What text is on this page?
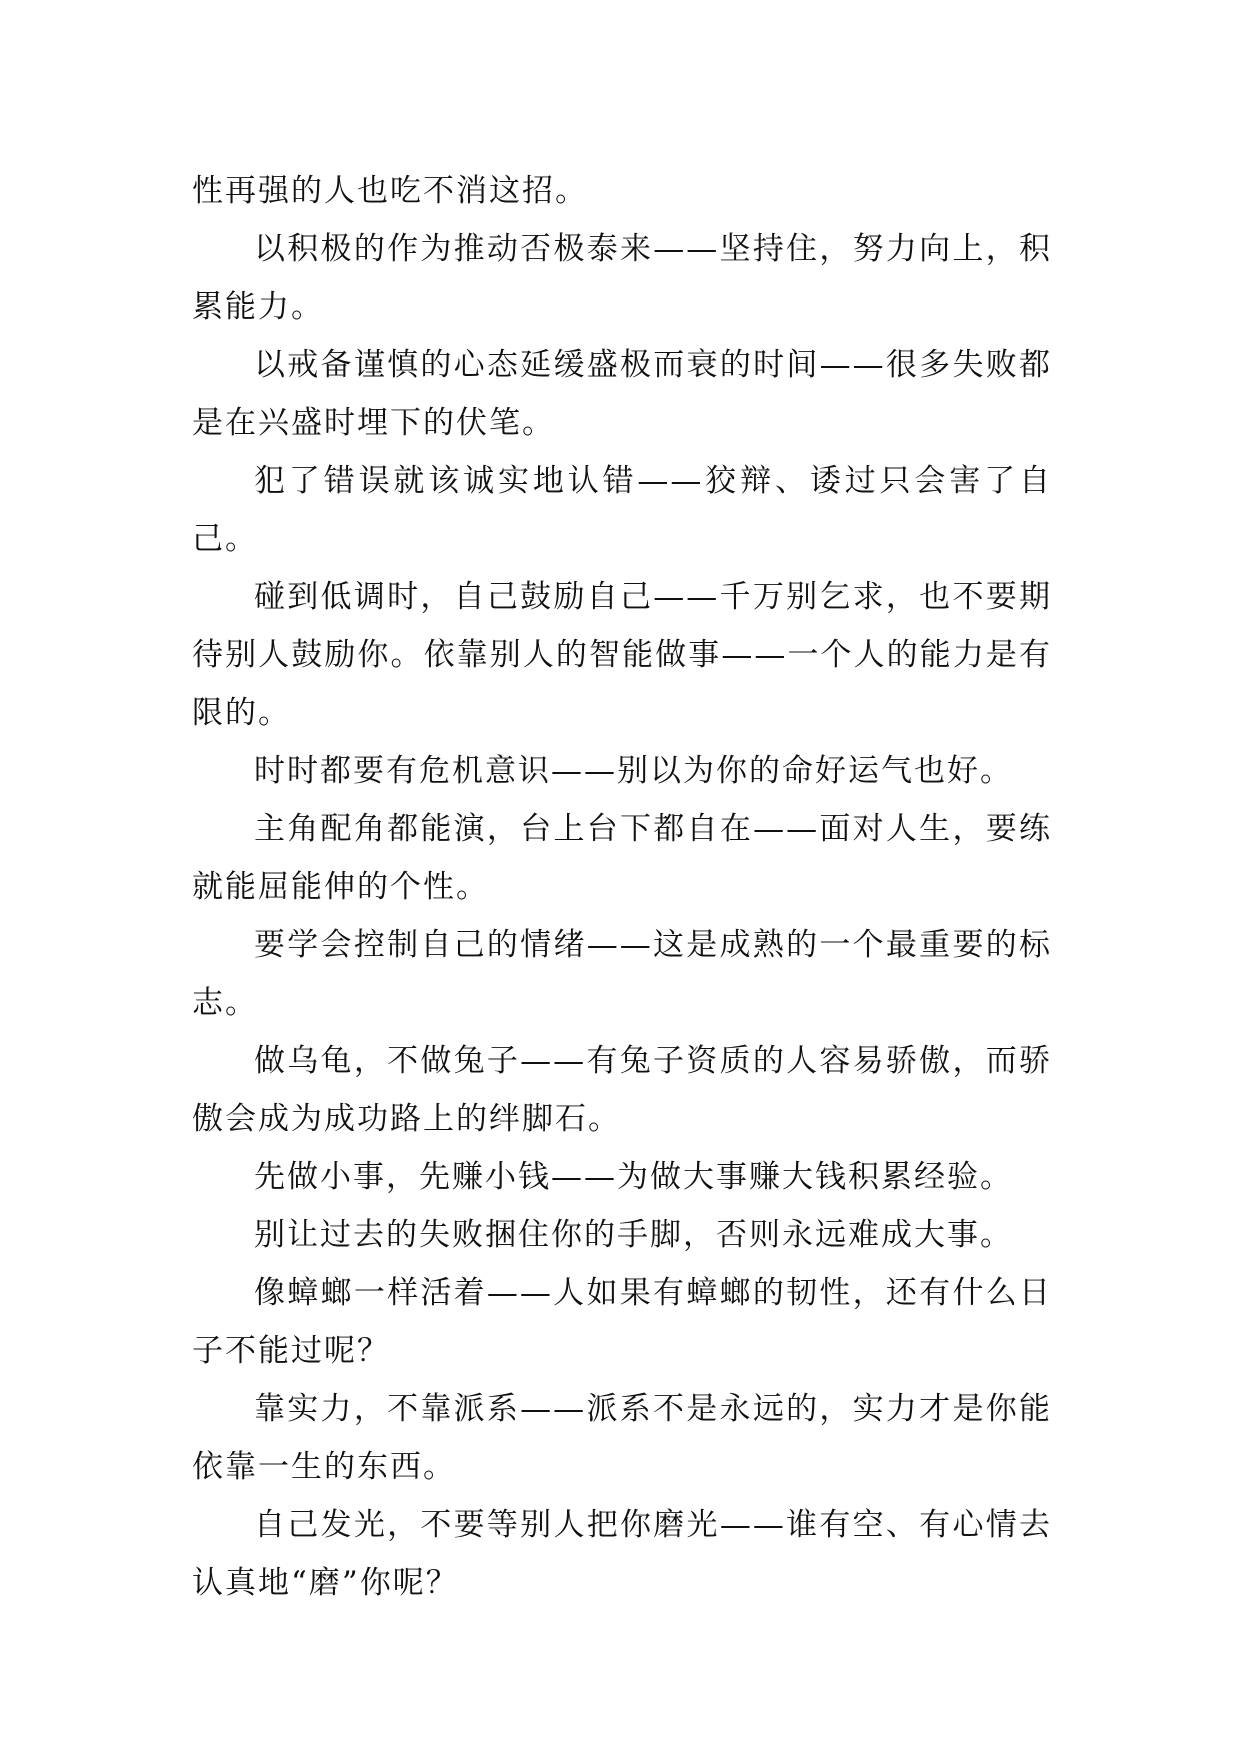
性再强的人也吃不消这招。

以积极的作为推动否极泰来——坚持住，努力向上，积累能力。

以戒备谨慎的心态延缓盛极而衰的时间——很多失败都是在兴盛时埋下的伏笔。

犯了错误就该诚实地认错——狡辩、诿过只会害了自己。

碰到低调时，自己鼓励自己——千万别乞求，也不要期待别人鼓励你。依靠别人的智能做事——一个人的能力是有限的。

时时都要有危机意识——别以为你的命好运气也好。

主角配角都能演，台上台下都自在——面对人生，要练就能屈能伸的个性。

要学会控制自己的情绪——这是成熟的一个最重要的标志。

做乌龟，不做兔子——有兔子资质的人容易骄傲，而骄傲会成为成功路上的绊脚石。

先做小事，先赚小钱——为做大事赚大钱积累经验。

别让过去的失败捆住你的手脚，否则永远难成大事。

像蟑螂一样活着——人如果有蟑螂的韧性，还有什么日子不能过呢？

靠实力，不靠派系——派系不是永远的，实力才是你能依靠一生的东西。

自己发光，不要等别人把你磨光——谁有空、有心情去认真地“磨”你呢？
